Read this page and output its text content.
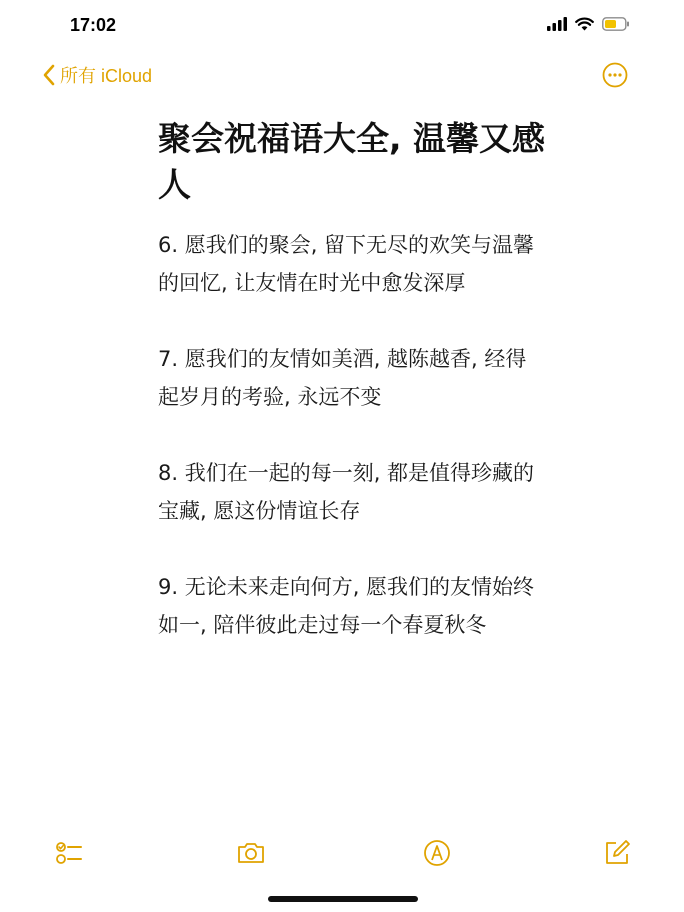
17:02
所有 iCloud
聚会祝福语大全, 温馨又感人

6. 愿我们的聚会, 留下无尽的欢笑与温馨的回忆, 让友情在时光中愈发深厚

7. 愿我们的友情如美酒, 越陈越香, 经得起岁月的考验, 永远不变

8. 我们在一起的每一刻, 都是值得珍藏的宝藏, 愿这份情谊长存

9. 无论未来走向何方, 愿我们的友情始终如一, 陪伴彼此走过每一个春夏秋冬
